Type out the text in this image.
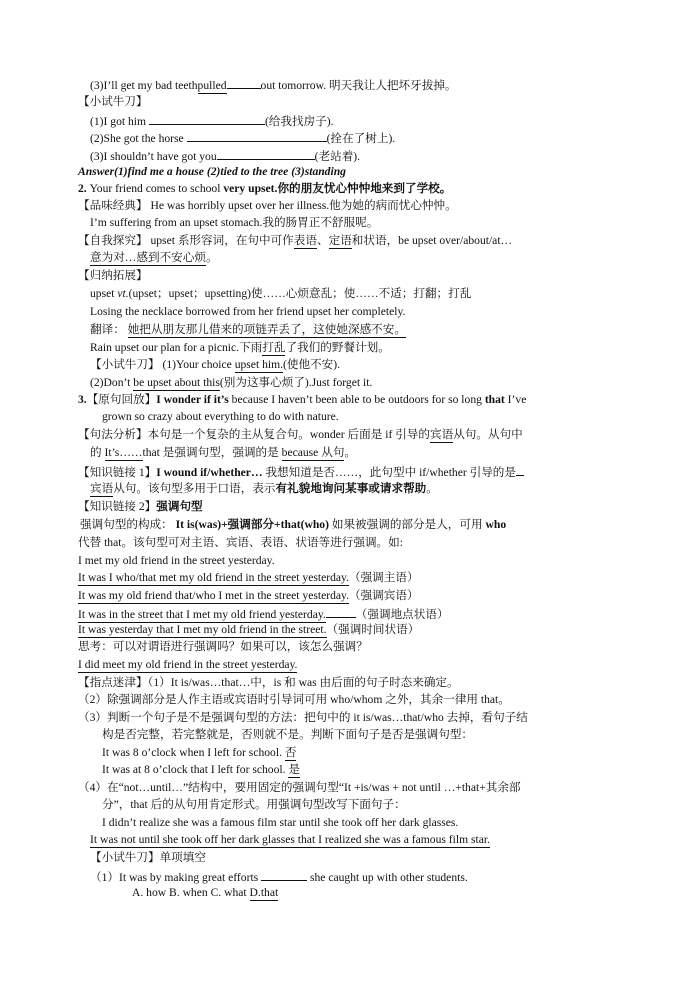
(3)I’ll get my bad teethpulled	out tomorrow. 明天我让人把坏牙拔掉。
【小试牛刀】
(1)I got him	(给我找房子).
(2)She got the horse	(拴在了树上).
(3)I shouldn’t have got you	(老站着).
Answer(1)find me a house (2)tied to the tree (3)standing
2. Your friend comes to school very upset.你的朋友忧心忡忡地来到了学校。
【品味经典】 He was horribly upset over her illness.他为她的病而忧心忡忡。
I’m suffering from an upset stomach.我的肠胃正不舒服呢。
【自我探究】 upset 系形容词，在句中可作表语、定语和状语，be upset over/about/at…
意为对…感到不安心烦。
【归纳拓展】
upset vt.(upset；upset；upsetting)使……心烦意乱；使……不适；打翻；打乱
Losing the necklace borrowed from her friend upset her completely.
翻译： 她把从朋友那儿借来的项链弄丢了，这使她深感不安。
Rain upset our plan for a picnic.下雨打乱了我们的野餐计划。
【小试牛刀】 (1)Your choice upset him.(使他不安).
(2)Don’t be upset about this(别为这事心烦了).Just forget it.
3.【原句回放】I wonder if it’s because I haven’t been able to be outdoors for so long that I’ve
grown so crazy about everything to do with nature.
【句法分析】本句是一个复杂的主从复合句。wonder 后面是 if 引导的宾语从句。从句中
的 It’s……that 是强调句型，强调的是 because 从句。
【知识链接 1】I wound if/whether… 我想知道是否……，此句型中 if/whether 引导的是
宾语从句。该句型多用于口语，表示有礼貌地询问某事或请求帮助。
【知识链接 2】强调句型
强调句型的构成： It is(was)+强调部分+that(who) 如果被强调的部分是人，可用 who
代替 that。该句型可对主语、宾语、表语、状语等进行强调。如:
I met my old friend in the street yesterday.
It was I who/that met my old friend in the street yesterday.（强调主语）
It was my old friend that/who I met in the street yesterday.（强调宾语）
It was in the street that I met my old friend yesterday.	（强调地点状语）
It was yesterday that I met my old friend in the street.（强调时间状语）
思考：可以对谓语进行强调吗？如果可以，该怎么强调？
I did meet my old friend in the street yesterday.
【指点迷津】（1）It is/was…that…中，is 和 was 由后面的句子时态来确定。
（2）除强调部分是人作主语或宾语时引导词可用 who/whom 之外，其余一律用 that。
（3）判断一个句子是不是强调句型的方法：把句中的 it is/was…that/who 去掉，看句子结
构是否完整，若完整就是，否则就不是。判断下面句子是否是强调句型：
It was 8 o’clock when I left for school. 否
It was at 8 o’clock that I left for school. 是
（4）在“not…until…”结构中，要用固定的强调句型“It +is/was + not until …+that+其余部
分”，that 后的从句用肯定形式。用强调句型改写下面句子：
I didn’t realize she was a famous film star until she took off her dark glasses.
It was not until she took off her dark glasses that I realized she was a famous film star.
【小试牛刀】单项填空
（1）It was by making great efforts	she caught up with other students.
A. how B. when C. what D.that
